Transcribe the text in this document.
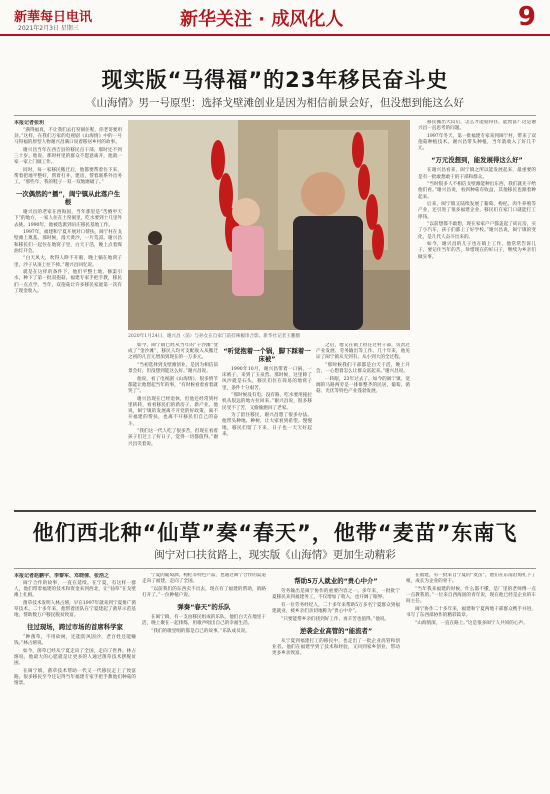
新華每日电讯
2021年2月3日 星期三	新华关注 · 成风化人	9
现实版“马得福”的23年移民奋斗史
《山海情》男一号原型：选择戈壁滩创业是因为相信前景会好，但没想到能这么好

本报记者张玥

“满得福真，不让我们去打窑洞住呢，你老哥要用劲。”这样，在我们万家的电视剧《山海情》中的一号马得福的原型人物谢兴昌满口说着移居乡村的故事。

谢兴昌当年在西吉县的移民点干部，那时还不到三十岁。他说，那时村里的群众不愿意离开，他就一家一家上门做工作。

同时，每一家移民搬迁后，他都要帮着住下来，帮着把地平整好，帮着打井、建房，帮着联系外出务工。“那些年，我的鞋子一双一双地磨破了。”

一次偶然的“播”，闽宁镇从此落户生根

谢兴昌的老家在西海固，当年那里是“苦瘠甲天下”的地方，一家人住在土窑洞里，吃水要到十几里外去挑。1990年，他被选派到吊庄移民基地工作。

1997年，福建和宁夏开展对口帮扶，闽宁村在戈壁滩上奠基。那时候，漫天黄沙，一片荒凉。谢兴昌和移民们一起住在地窝子里，白天干活，晚上点着煤油灯开会。

“白天风大，吹得人睁不开眼，晚上躺在地窝子里，沙子从顶上往下掉。”谢兴昌回忆说。

就是在这样的条件下，他们平整土地、修渠引水，种下了第一批双孢菇。福建专家手把手教，移民们一点点学。当年，双孢菇让许多移民家庭第一次有了现金收入。

2020年1月24日，谢兴昌（前）与孙女在自家门前挂辣椒串合影。新华社记者王鹏摄

如今，闽宁镇已经从当年的“干沙滩”变成了“金沙滩”，移民人均可支配收入从搬迁之初的几百元增加到现在的一万多元。

“当初选择到戈壁滩创业，是因为相信前景会好，但没想到能这么好。”谢兴昌说。

他说，看了电视剧《山海情》，很多情节都能让他想起当年的事，“有时候看着看着就哭了”。

谢兴昌现在已经退休，但他还经常到村里转转，看看移民们的新房子、新产业。他说，闽宁镇的发展离不开党的好政策，离不开福建的帮扶，也离不开移民们自己的奋斗。

“我们这一代人吃了很多苦，但现在看着孩子们过上了好日子，觉得一切都值得。”谢兴昌笑着说。

“听觉抱着一个锅，脚下踩着一床被”

1990年10月，谢兴昌带着一口锅、一床被子，来到了玉泉营。那时候，这里除了风沙就是石头，移民们住在简易的地窝子里，条件十分艰苦。

“那时候没有电，没有路，吃水要用拖拉机从很远的地方拉回来。”谢兴昌说，很多移民受不了苦，又偷偷跑回了老家。

为了留住移民，谢兴昌想了很多办法。他带头种地、种树，让大家看到希望。慢慢地，移民们留了下来，日子也一天天好起来。

之后，他又在镇上担任过村干部，负责过产业发展、劳务输出等工作。几十年来，他见证了闽宁镇从无到有、从小到大的全过程。

“那时候我们干部都是白天干活，晚上开会，一心想着怎么让群众富起来。”谢兴昌说。

一转眼，23年过去了。如今的闽宁镇，宽阔的马路两旁是一排排整齐的民居，葡萄、菌菇、光伏等特色产业蓬勃发展。

移民搬出大山后，怎么才能稳得住、能致富？这是谢兴昌一直思考的问题。

1997年冬天，第一批福建专家来到闽宁村，带来了双孢菇种植技术。谢兴昌带头种植，当年就收入了好几千元。

“万元没想到，能发展得这么好”

在谢兴昌看来，闽宁镇之所以能发展起来，最重要的是有一批敢想敢干的干部和群众。

“当时很多人不相信戈壁滩能种出东西，我们就先干给他们看。”谢兴昌说，看到种菇有收益，其他移民也跟着种起来。

后来，闽宁镇又陆续发展了葡萄、枸杞、肉牛养殖等产业，还引进了很多福建企业，移民们在家门口就能打工挣钱。

“以前想都不敢想，现在家家户户都盖起了砖瓦房，买了小汽车，孩子们都上了好学校。”谢兴昌说，闽宁镇的变化，是几代人奋斗出来的。

如今，谢兴昌的儿子也在镇上工作。他常常告诉儿子，要记住当年的苦，珍惜现在的好日子，继续为乡亲们做实事。

他们西北种“仙草”奏“春天”，他带“麦苗”东南飞
闽宁对口扶贫路上，现实版《山海情》更加生动精彩

本报记者赵鹏宇、李黎军、邓晓倩、张浩之

闽宁合作的故事，一直在延续。在宁夏，有这样一群人，他们带着福建的技术和资金来到西北，让“仙草”在戈壁滩上扎根。

菌草技术发明人林占熺，早在1997年就来到宁夏推广菌草技术。二十多年来，他带着团队在宁夏建起了菌草示范基地，帮助数万户移民脱贫致富。

往过现场，跨过市场的首席科学家

“种菌草，不用砍树，还能防风固沙，老百姓还能赚钱。”林占熺说。

如今，菌草已经从宁夏走向了全国，走向了世界。林占熺说，他最大的心愿就是让更多的人通过菌草技术摆脱贫困。

在闽宁镇，菌草技术帮助一代又一代移民走上了致富路。很多移民至今还记得当年福建专家手把手教他们种菇的情景。

宁夏的葡萄酒、枸杞等特色产品，也通过闽宁合作的渠道走向了福建，走向了全国。

“以前我们的东西卖不出去，现在有了福建的帮助，销路打开了。”一位种植户说。

弹奏“春天”的乐队

在闽宁镇，有一支由移民组成的乐队。他们白天在地里干活，晚上聚在一起排练，用歌声唱出自己的幸福生活。

“我们的歌里唱的都是自己的故事。”乐队成员说。

帮助5万人就业的“贵心中介”

劳务输出是闽宁协作的重要内容之一。多年来，一批批宁夏移民来到福建务工，不仅增加了收入，也开阔了眼界。

有一位劳务经纪人，二十多年来帮助5万多名宁夏群众到福建就业，被乡亲们亲切地称为“贵心中介”。

“只要能帮乡亲们找到好工作，再辛苦也值得。”他说。

逆袭企业高管的“能流者”

从宁夏到福建打工的移民中，也走出了一批企业高管和创业者。他们在福建学到了技术和经验，又回到家乡创业，带动更多乡亲致富。

在福建，有一批来自宁夏的“麦苗”，他们在东南沿海扎下了根，成长为企业的骨干。

“当年我来福建的时候，什么都不懂，是厂里的老师傅一点一点教我的。”一位来自西海固的青年说，现在他已经是企业的车间主任。

闽宁协作二十多年来，福建和宁夏两地干部群众携手并进，书写了东西部协作的精彩篇章。

“山海情深，一直在路上。”这是很多闽宁人共同的心声。
